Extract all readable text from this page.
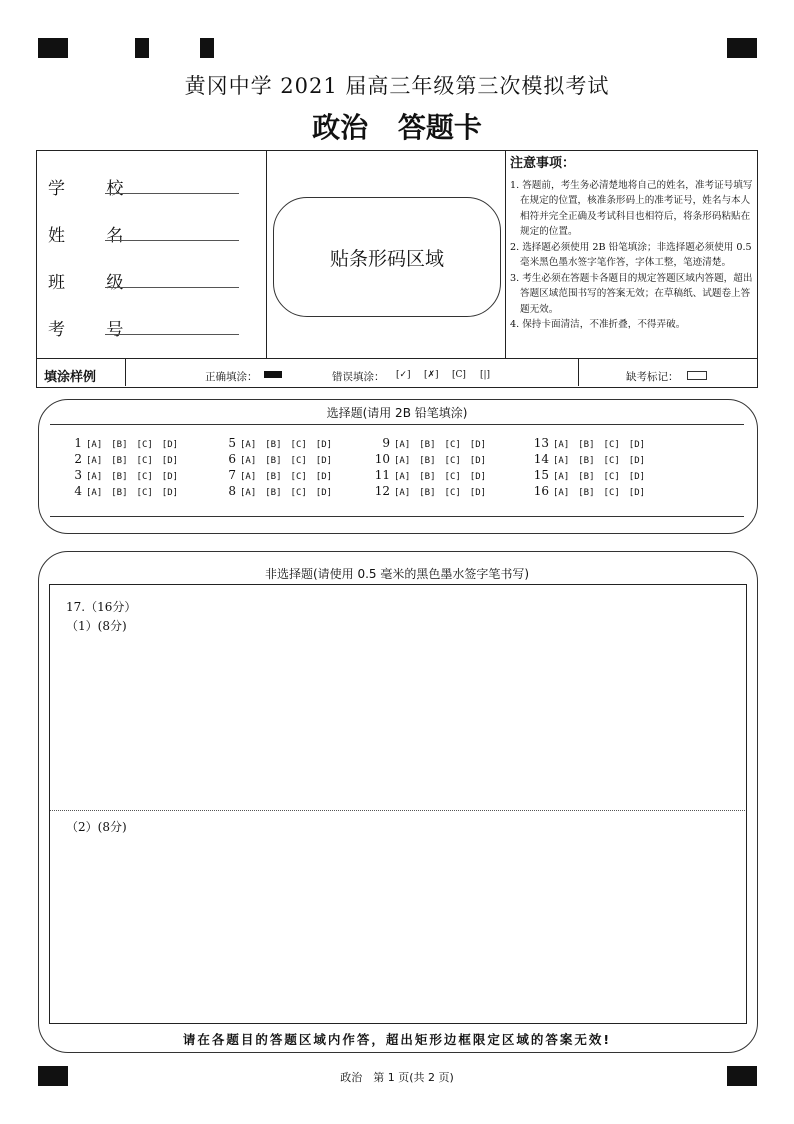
黄冈中学 2021 届高三年级第三次模拟考试
政治 答题卡
学 校
姓 名
班 级
考 号
贴条形码区域
注意事项：
1. 答题前，考生务必清楚地将自己的姓名，准考证号填写在规定的位置，核准条形码上的准考证号，姓名与本人相符并完全正确及考试科目也相符后，将条形码粘贴在规定的位置。
2. 选择题必须使用 2B 铅笔填涂；非选择题必须使用 0.5 毫米黑色墨水签字笔作答，字体工整，笔迹清楚。
3. 考生必须在答题卡各题目的规定答题区域内答题，超出答题区域范围书写的答案无效；在草稿纸、试题卷上答题无效。
4. 保持卡面清洁，不准折叠，不得弄破。
填涂样例	正确填涂：	错误填涂： [✓] [✗] [C] [|]	缺考标记：
选择题(请用 2B 铅笔填涂)
1 [A] [B] [C] [D]
2 [A] [B] [C] [D]
3 [A] [B] [C] [D]
4 [A] [B] [C] [D]
5 [A] [B] [C] [D]
6 [A] [B] [C] [D]
7 [A] [B] [C] [D]
8 [A] [B] [C] [D]
9 [A] [B] [C] [D]
10 [A] [B] [C] [D]
11 [A] [B] [C] [D]
12 [A] [B] [C] [D]
13 [A] [B] [C] [D]
14 [A] [B] [C] [D]
15 [A] [B] [C] [D]
16 [A] [B] [C] [D]
非选择题(请使用 0.5 毫米的黑色墨水签字笔书写)
17.（16分）
（1）(8分)
（2）(8分)
请在各题目的答题区域内作答，超出矩形边框限定区域的答案无效!
政治　第 1 页(共 2 页)
